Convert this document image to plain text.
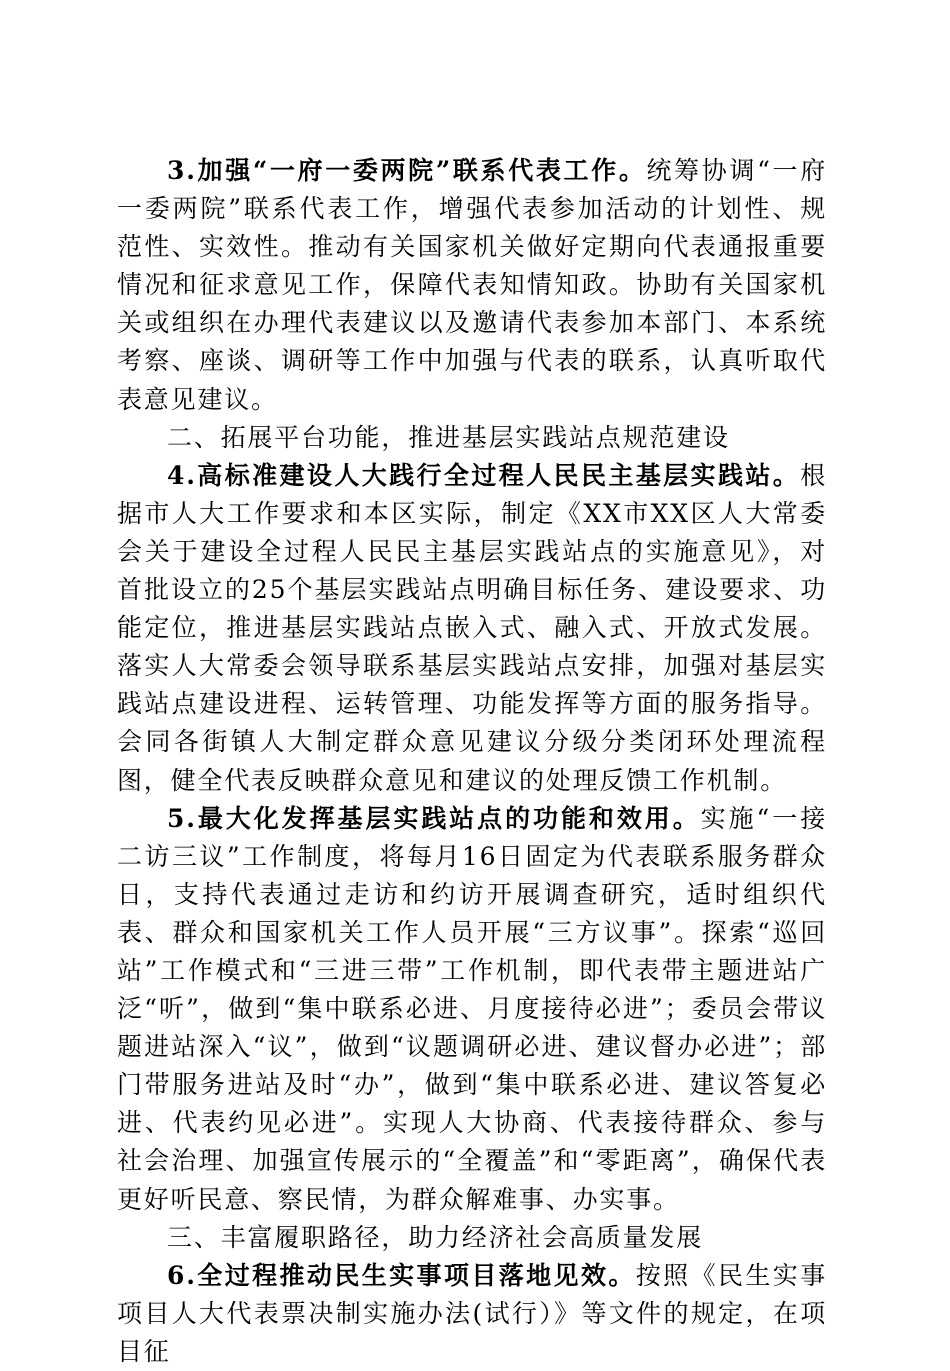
3.加强“一府一委两院”联系代表工作。统筹协调“一府一委两院”联系代表工作，增强代表参加活动的计划性、规范性、实效性。推动有关国家机关做好定期向代表通报重要情况和征求意见工作，保障代表知情知政。协助有关国家机关或组织在办理代表建议以及邀请代表参加本部门、本系统考察、座谈、调研等工作中加强与代表的联系，认真听取代表意见建议。

二、拓展平台功能，推进基层实践站点规范建设

4.高标准建设人大践行全过程人民民主基层实践站。根据市人大工作要求和本区实际，制定《XX市XX区人大常委会关于建设全过程人民民主基层实践站点的实施意见》，对首批设立的25个基层实践站点明确目标任务、建设要求、功能定位，推进基层实践站点嵌入式、融入式、开放式发展。落实人大常委会领导联系基层实践站点安排，加强对基层实践站点建设进程、运转管理、功能发挥等方面的服务指导。会同各街镇人大制定群众意见建议分级分类闭环处理流程图，健全代表反映群众意见和建议的处理反馈工作机制。

5.最大化发挥基层实践站点的功能和效用。实施“一接二访三议”工作制度，将每月16日固定为代表联系服务群众日，支持代表通过走访和约访开展调查研究，适时组织代表、群众和国家机关工作人员开展“三方议事”。探索“巡回站”工作模式和“三进三带”工作机制，即代表带主题进站广泛“听”，做到“集中联系必进、月度接待必进”；委员会带议题进站深入“议”，做到“议题调研必进、建议督办必进”；部门带服务进站及时“办”，做到“集中联系必进、建议答复必进、代表约见必进”。实现人大协商、代表接待群众、参与社会治理、加强宣传展示的“全覆盖”和“零距离”，确保代表更好听民意、察民情，为群众解难事、办实事。

三、丰富履职路径，助力经济社会高质量发展

6.全过程推动民生实事项目落地见效。按照《民生实事项目人大代表票决制实施办法(试行）》等文件的规定，在项目征
